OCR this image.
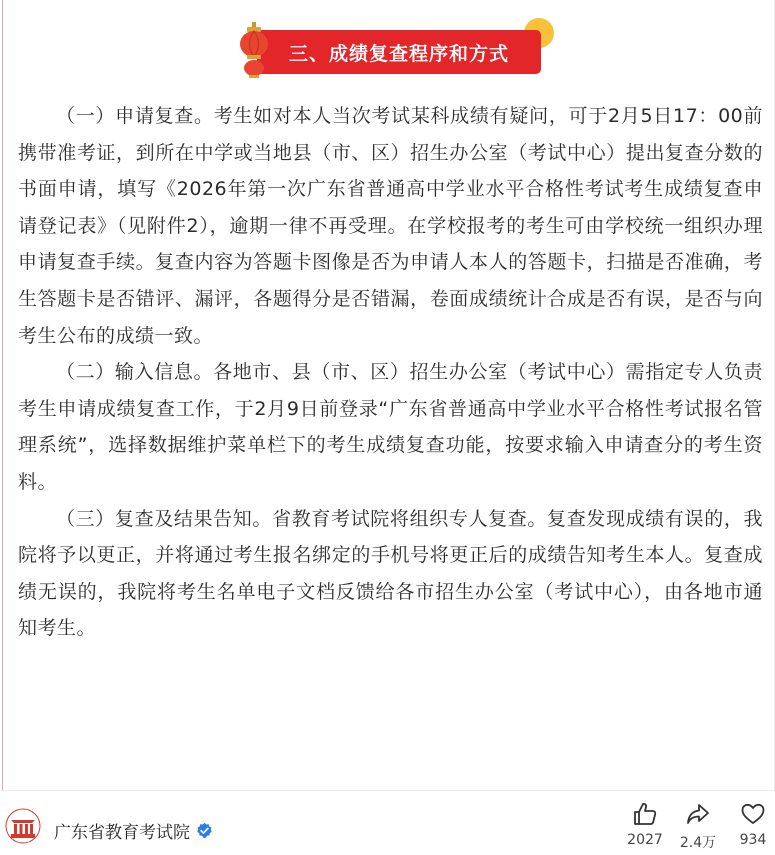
三、成绩复查程序和方式

（一）申请复查。考生如对本人当次考试某科成绩有疑问，可于2月5日17：00前携带准考证，到所在中学或当地县（市、区）招生办公室（考试中心）提出复查分数的书面申请，填写《2026年第一次广东省普通高中学业水平合格性考试考生成绩复查申请登记表》（见附件2），逾期一律不再受理。在学校报考的考生可由学校统一组织办理申请复查手续。复查内容为答题卡图像是否为申请人本人的答题卡，扫描是否准确，考生答题卡是否错评、漏评，各题得分是否错漏，卷面成绩统计合成是否有误，是否与向考生公布的成绩一致。

（二）输入信息。各地市、县（市、区）招生办公室（考试中心）需指定专人负责考生申请成绩复查工作，于2月9日前登录“广东省普通高中学业水平合格性考试报名管理系统”，选择数据维护菜单栏下的考生成绩复查功能，按要求输入申请查分的考生资料。

（三）复查及结果告知。省教育考试院将组织专人复查。复查发现成绩有误的，我院将予以更正，并将通过考生报名绑定的手机号将更正后的成绩告知考生本人。复查成绩无误的，我院将考生名单电子文档反馈给各市招生办公室（考试中心），由各地市通知考生。

考试院 广东省教育考试院	2027	2.4万	934
